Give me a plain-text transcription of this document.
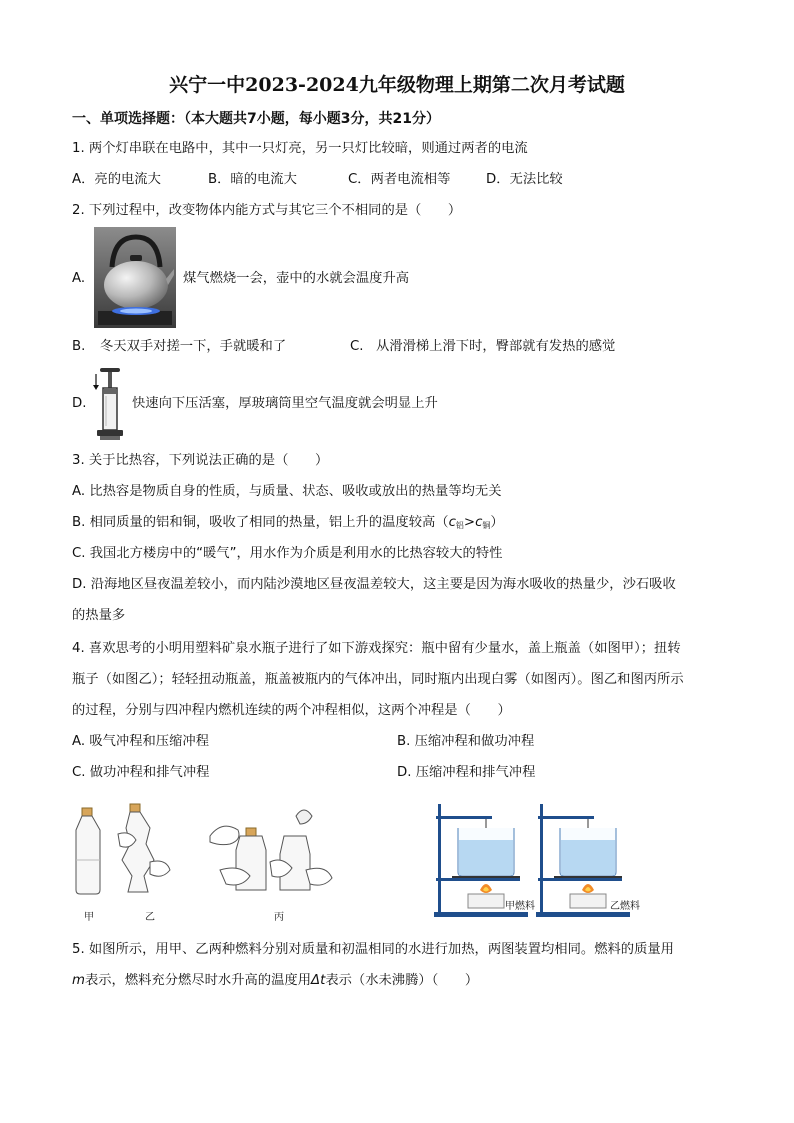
兴宁一中2023-2024九年级物理上期第二次月考试题
一、单项选择题：（本大题共7小题，每小题3分，共21分）
1. 两个灯串联在电路中，其中一只灯亮，另一只灯比较暗，则通过两者的电流
A．亮的电流大	B．暗的电流大	C．两者电流相等	D．无法比较
2. 下列过程中，改变物体内能方式与其它三个不相同的是（　　）
A.	煤气燃烧一会，壶中的水就会温度升高
B. 冬天双手对搓一下，手就暖和了	C. 从滑滑梯上滑下时，臀部就有发热的感觉
D.	快速向下压活塞，厚玻璃筒里空气温度就会明显上升
3. 关于比热容，下列说法正确的是（　　）
A. 比热容是物质自身的性质，与质量、状态、吸收或放出的热量等均无关
B. 相同质量的铝和铜，吸收了相同的热量，铝上升的温度较高$(c_铝>c_铜)$
C. 我国北方楼房中的“暖气”，用水作为介质是利用水的比热容较大的特性
D. 沿海地区昼夜温差较小，而内陆沙漠地区昼夜温差较大，这主要是因为海水吸收的热量少，沙石吸收
的热量多
4. 喜欢思考的小明用塑料矿泉水瓶子进行了如下游戏探究：瓶中留有少量水，盖上瓶盖（如图甲）；扭转
瓶子（如图乙）；轻轻扭动瓶盖，瓶盖被瓶内的气体冲出，同时瓶内出现白雾（如图丙）。图乙和图丙所示
的过程，分别与四冲程内燃机连续的两个冲程相似，这两个冲程是（　　）
A. 吸气冲程和压缩冲程	B. 压缩冲程和做功冲程
C. 做功冲程和排气冲程	D. 压缩冲程和排气冲程
甲	乙	丙
甲燃料	乙燃料
5. 如图所示，用甲、乙两种燃料分别对质量和初温相同的水进行加热，两图装置均相同。燃料的质量用
m表示，燃料充分燃尽时水升高的温度用Δt表示（水未沸腾）（　　）
